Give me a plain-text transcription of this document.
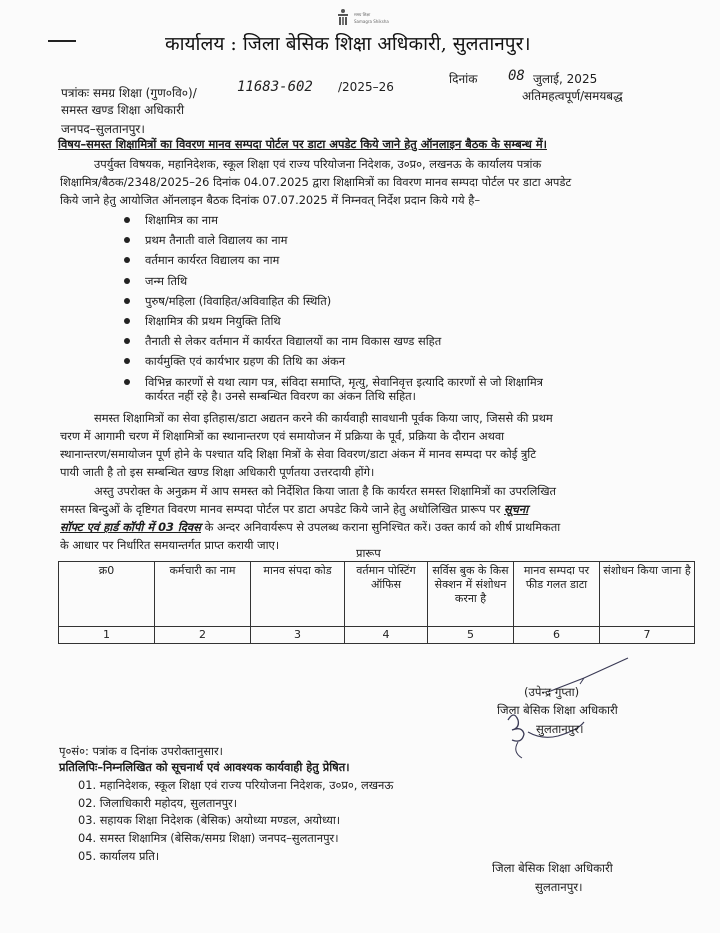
समग्र शिक्षा
Samagra Shiksha
कार्यालय : जिला बेसिक शिक्षा अधिकारी, सुलतानपुर।
पत्रांकः समग्र शिक्षा (गुण०वि०)/	11683-602 /2025–26
दिनांक 08 जुलाई, 2025
अतिमहत्वपूर्ण/समयबद्ध
समस्त खण्ड शिक्षा अधिकारी
जनपद–सुलतानपुर।
विषय–समस्त शिक्षामित्रों का विवरण मानव सम्पदा पोर्टल पर डाटा अपडेट किये जाने हेतु ऑनलाइन बैठक के सम्बन्ध में।
उपर्युक्त विषयक, महानिदेशक, स्कूल शिक्षा एवं राज्य परियोजना निदेशक, उ०प्र०, लखनऊ के कार्यालय पत्रांक
शिक्षामित्र/बैठक/2348/2025–26 दिनांक 04.07.2025 द्वारा शिक्षामित्रों का विवरण मानव सम्पदा पोर्टल पर डाटा अपडेट
किये जाने हेतु आयोजित ऑनलाइन बैठक दिनांक 07.07.2025 में निम्नवत् निर्देश प्रदान किये गये है–
शिक्षामित्र का नाम
प्रथम तैनाती वाले विद्यालय का नाम
वर्तमान कार्यरत विद्यालय का नाम
जन्म तिथि
पुरुष/महिला (विवाहित/अविवाहित की स्थिति)
शिक्षामित्र की प्रथम नियुक्ति तिथि
तैनाती से लेकर वर्तमान में कार्यरत विद्यालयों का नाम विकास खण्ड सहित
कार्यमुक्ति एवं कार्यभार ग्रहण की तिथि का अंकन
विभिन्न कारणों से यथा त्याग पत्र, संविदा समाप्ति, मृत्यु, सेवानिवृत्त इत्यादि कारणों से जो शिक्षामित्र
कार्यरत नहीं रहे है। उनसे सम्बन्धित विवरण का अंकन तिथि सहित।
समस्त शिक्षामित्रों का सेवा इतिहास/डाटा अद्यतन करने की कार्यवाही सावधानी पूर्वक किया जाए, जिससे की प्रथम
चरण में आगामी चरण में शिक्षामित्रों का स्थानान्तरण एवं समायोजन में प्रक्रिया के पूर्व, प्रक्रिया के दौरान अथवा
स्थानान्तरण/समायोजन पूर्ण होने के पश्चात यदि शिक्षा मित्रों के सेवा विवरण/डाटा अंकन में मानव सम्पदा पर कोई त्रुटि
पायी जाती है तो इस सम्बन्धित खण्ड शिक्षा अधिकारी पूर्णतया उत्तरदायी होंगे।
अस्तु उपरोक्त के अनुक्रम में आप समस्त को निर्देशित किया जाता है कि कार्यरत समस्त शिक्षामित्रों का उपरलिखित
समस्त बिन्दुओं के दृष्टिगत विवरण मानव सम्पदा पोर्टल पर डाटा अपडेट किये जाने हेतु अधोलिखित प्रारूप पर सूचना
सॉफ्ट एवं हार्ड कॉपी में 03 दिवस के अन्दर अनिवार्यरूप से उपलब्ध कराना सुनिश्चित करें। उक्त कार्य को शीर्ष प्राथमिकता
के आधार पर निर्धारित समयान्तर्गत प्राप्त करायी जाए।
प्रारूप
क्र0	कर्मचारी का नाम	मानव संपदा कोड	वर्तमान पोस्टिंग ऑफिस	सर्विस बुक के किस सेक्शन में संशोधन करना है	मानव सम्पदा पर फीड गलत डाटा	संशोधन किया जाना है
1	2	3	4	5	6	7
(उपेन्द्र गुप्ता)
जिला बेसिक शिक्षा अधिकारी
सुलतानपुर।
पृ०सं०: पत्रांक व दिनांक उपरोक्तानुसार।
प्रतिलिपिः–निम्नलिखित को सूचनार्थ एवं आवश्यक कार्यवाही हेतु प्रेषित।
01. महानिदेशक, स्कूल शिक्षा एवं राज्य परियोजना निदेशक, उ०प्र०, लखनऊ
02. जिलाधिकारी महोदय, सुलतानपुर।
03. सहायक शिक्षा निदेशक (बेसिक) अयोध्या मण्डल, अयोध्या।
04. समस्त शिक्षामित्र (बेसिक/समग्र शिक्षा) जनपद–सुलतानपुर।
05. कार्यालय प्रति।
जिला बेसिक शिक्षा अधिकारी
सुलतानपुर।
